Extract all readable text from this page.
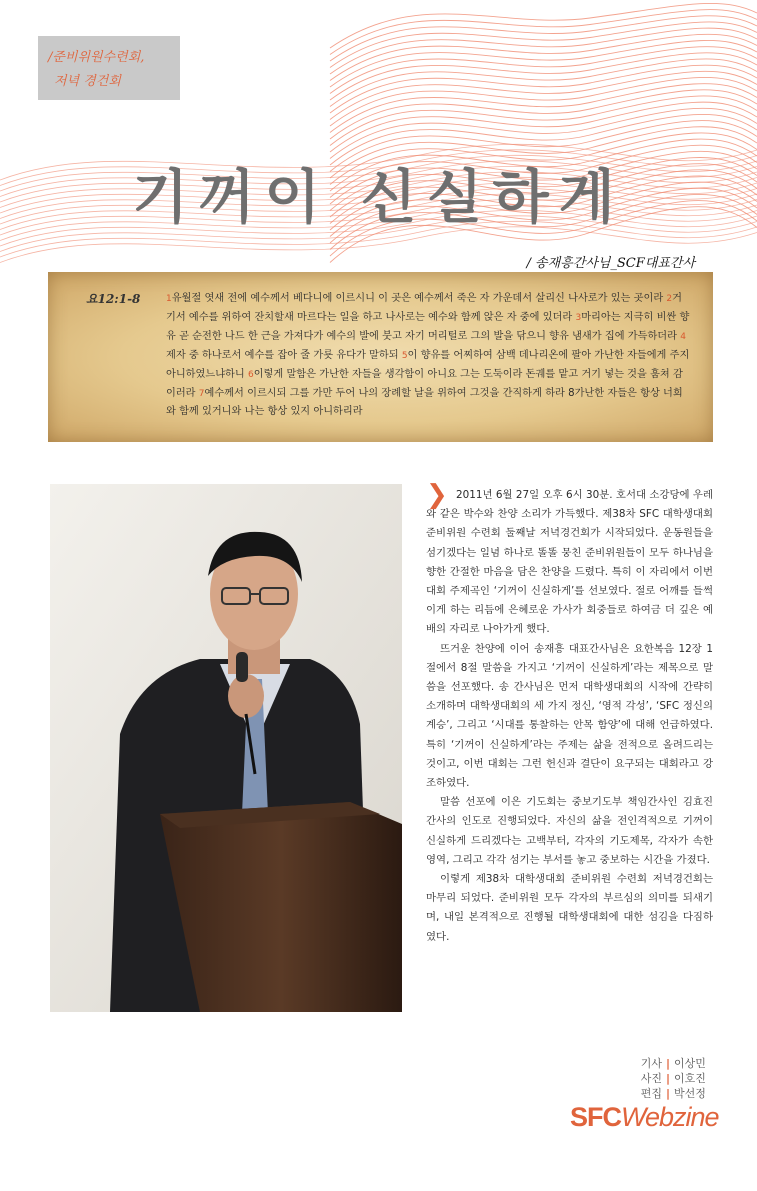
/준비위원수련회,
저녁 경건회
기꺼이 신실하게
/ 송재흥간사님_SCF대표간사
요12:1-8	1유월절 엿새 전에 예수께서 베다니에 이르시니 이 곳은 예수께서 죽은 자 가운데서 살리신 나사로가 있는 곳이라 2거기서 예수를 위하여 잔치할새 마르다는 일을 하고 나사로는 예수와 함께 앉은 자 중에 있더라 3마리아는 지극히 비싼 향유 곧 순전한 나드 한 근을 가져다가 예수의 발에 붓고 자기 머리털로 그의 발을 닦으니 향유 냄새가 집에 가득하더라 4제자 중 하나로서 예수를 잡아 줄 가룟 유다가 말하되 5이 향유를 어찌하여 삼백 데나리온에 팔아 가난한 자들에게 주지 아니하였느냐하니 6이렇게 말함은 가난한 자들을 생각함이 아니요 그는 도둑이라 돈궤를 맡고 거기 넣는 것을 훔쳐 감이러라 7예수께서 이르시되 그를 가만 두어 나의 장례할 날을 위하여 그것을 간직하게 하라 8가난한 자들은 항상 너희와 함께 있거니와 나는 항상 있지 아니하리라
❯ 2011년 6월 27일 오후 6시 30분. 호서대 소강당에 우레와 같은 박수와 찬양 소리가 가득했다. 제38차 SFC 대학생대회 준비위원 수련회 둘째날 저녁경건회가 시작되었다. 운동원들을 섬기겠다는 일념 하나로 똘똘 뭉친 준비위원들이 모두 하나님을 향한 간절한 마음을 담은 찬양을 드렸다. 특히 이 자리에서 이번 대회 주제곡인 ‘기꺼이 신실하게’를 선보였다. 절로 어깨를 들썩이게 하는 리듬에 은혜로운 가사가 회중들로 하여금 더 깊은 예배의 자리로 나아가게 했다.

뜨거운 찬양에 이어 송재흥 대표간사님은 요한복음 12장 1절에서 8절 말씀을 가지고 ‘기꺼이 신실하게’라는 제목으로 말씀을 선포했다. 송 간사님은 먼저 대학생대회의 시작에 간략히 소개하며 대학생대회의 세 가지 정신, ‘영적 각성’, ‘SFC 정신의 계승’, 그리고 ‘시대를 통찰하는 안목 함양’에 대해 언급하였다. 특히 ‘기꺼이 신실하게’라는 주제는 삶을 전적으로 올려드리는 것이고, 이번 대회는 그런 헌신과 결단이 요구되는 대회라고 강조하였다.

말씀 선포에 이은 기도회는 중보기도부 책임간사인 김효진 간사의 인도로 진행되었다. 자신의 삶을 전인격적으로 기꺼이 신실하게 드리겠다는 고백부터, 각자의 기도제목, 각자가 속한 영역, 그리고 각각 섬기는 부서를 놓고 중보하는 시간을 가졌다.

이렇게 제38차 대학생대회 준비위원 수련회 저녁경건회는 마무리 되었다. 준비위원 모두 각자의 부르심의 의미를 되새기며, 내일 본격적으로 진행될 대학생대회에 대한 섬김을 다짐하였다.

기사 | 이상민
사진 | 이호진
편집 | 박선정
SFCWebzine
